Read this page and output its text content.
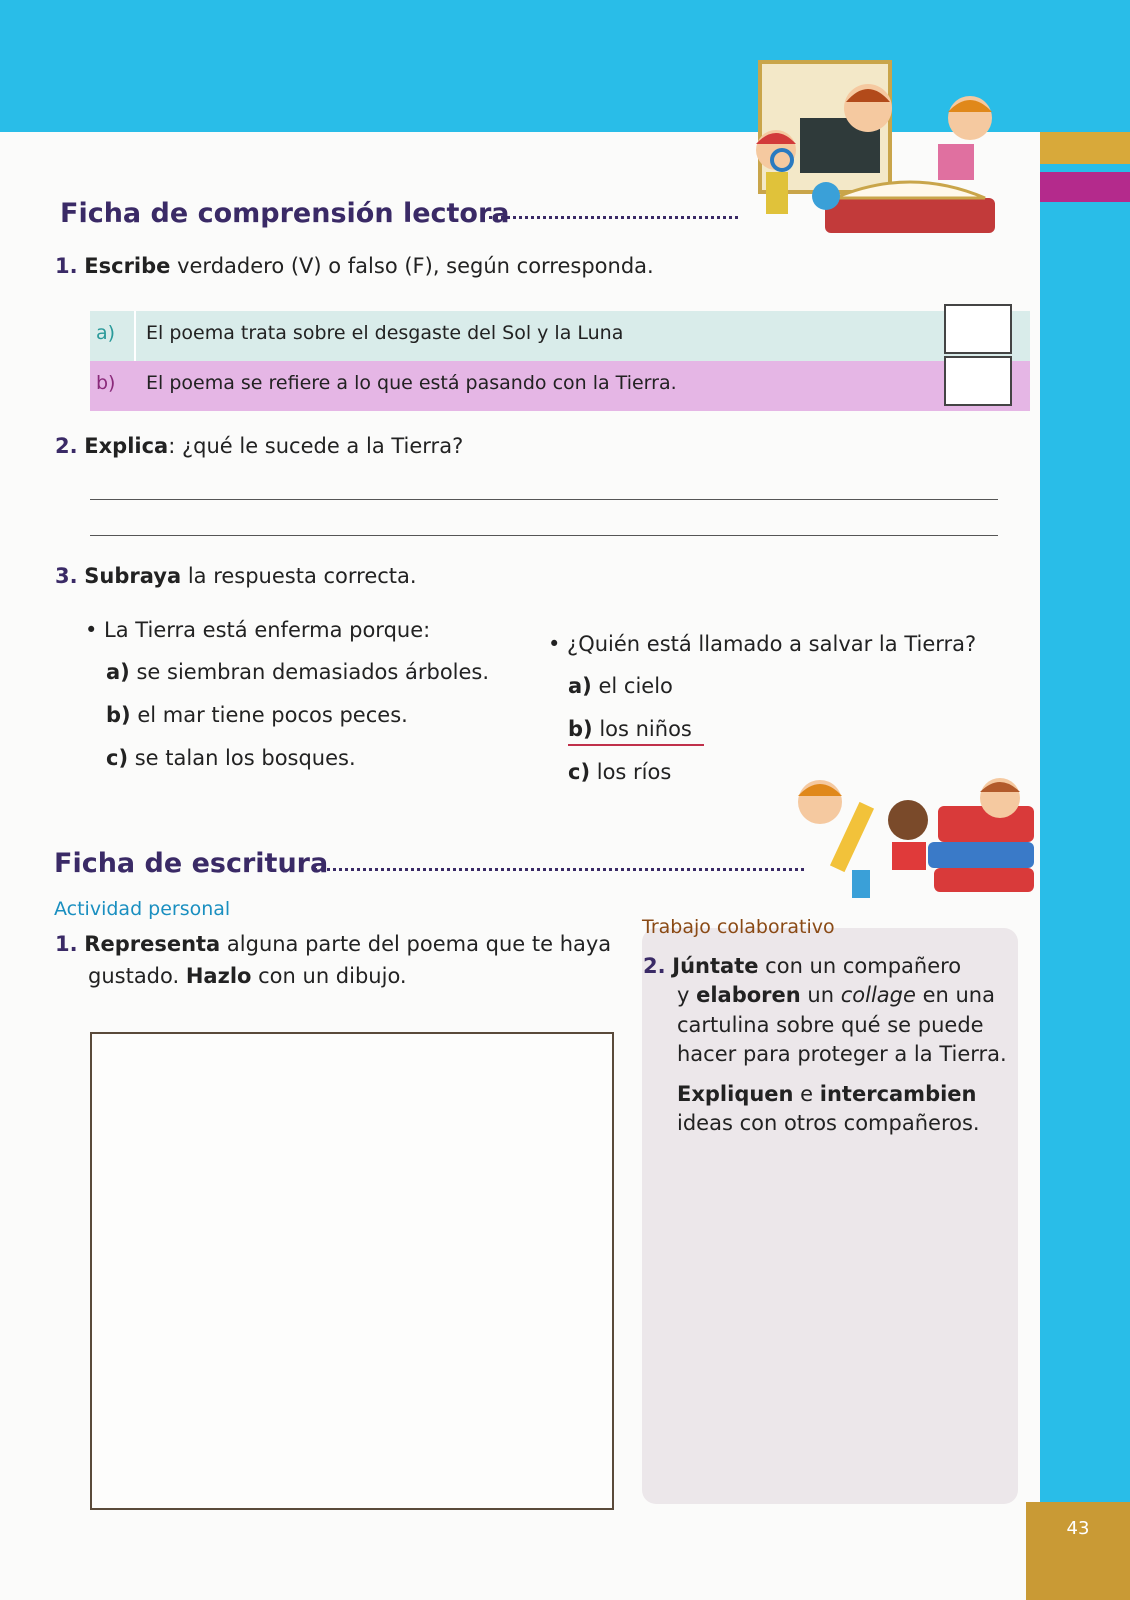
Ficha de comprensión lectora
1. Escribe verdadero (V) o falso (F), según corresponda.
a) El poema trata sobre el desgaste del Sol y la Luna
b) El poema se refiere a lo que está pasando con la Tierra.
2. Explica: ¿qué le sucede a la Tierra?
3. Subraya la respuesta correcta.
• La Tierra está enferma porque:
a) se siembran demasiados árboles.
b) el mar tiene pocos peces.
c) se talan los bosques.
• ¿Quién está llamado a salvar la Tierra?
a) el cielo
b) los niños
c) los ríos
Ficha de escritura
Actividad personal
1. Representa alguna parte del poema que te haya
gustado. Hazlo con un dibujo.
Trabajo colaborativo
2. Júntate con un compañero
y elaboren un collage en una
cartulina sobre qué se puede
hacer para proteger a la Tierra.
Expliquen e intercambien
ideas con otros compañeros.
43
